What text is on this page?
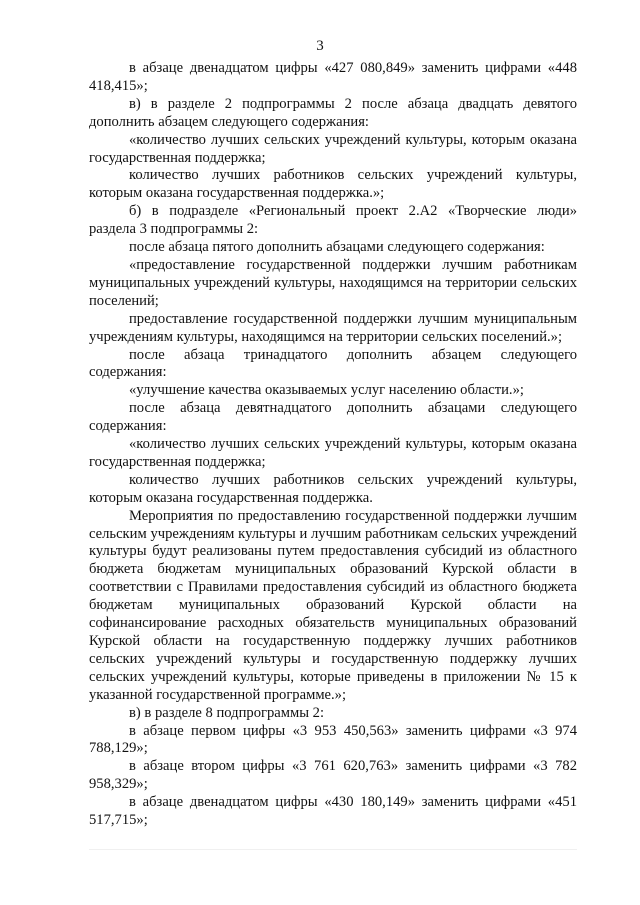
3

в абзаце двенадцатом цифры «427 080,849» заменить цифрами «448 418,415»;

в) в разделе 2 подпрограммы 2 после абзаца двадцать девятого дополнить абзацем следующего содержания:

«количество лучших сельских учреждений культуры, которым оказана государственная поддержка;

количество лучших работников сельских учреждений культуры, которым оказана государственная поддержка.»;

б) в подразделе «Региональный проект 2.А2 «Творческие люди» раздела 3 подпрограммы 2:

после абзаца пятого дополнить абзацами следующего содержания:

«предоставление государственной поддержки лучшим работникам муниципальных учреждений культуры, находящимся на территории сельских поселений;

предоставление государственной поддержки лучшим муниципальным учреждениям культуры, находящимся на территории сельских поселений.»;

после абзаца тринадцатого дополнить абзацем следующего содержания:

«улучшение качества оказываемых услуг населению области.»;

после абзаца девятнадцатого дополнить абзацами следующего содержания:

«количество лучших сельских учреждений культуры, которым оказана государственная поддержка;

количество лучших работников сельских учреждений культуры, которым оказана государственная поддержка.

Мероприятия по предоставлению государственной поддержки лучшим сельским учреждениям культуры и лучшим работникам сельских учреждений культуры будут реализованы путем предоставления субсидий из областного бюджета бюджетам муниципальных образований Курской области в соответствии с Правилами предоставления субсидий из областного бюджета бюджетам муниципальных образований Курской области на софинансирование расходных обязательств муниципальных образований Курской области на государственную поддержку лучших работников сельских учреждений культуры и государственную поддержку лучших сельских учреждений культуры, которые приведены в приложении № 15 к указанной государственной программе.»;

в) в разделе 8 подпрограммы 2:

в абзаце первом цифры «3 953 450,563» заменить цифрами «3 974 788,129»;

в абзаце втором цифры «3 761 620,763» заменить цифрами «3 782 958,329»;

в абзаце двенадцатом цифры «430 180,149» заменить цифрами «451 517,715»;
